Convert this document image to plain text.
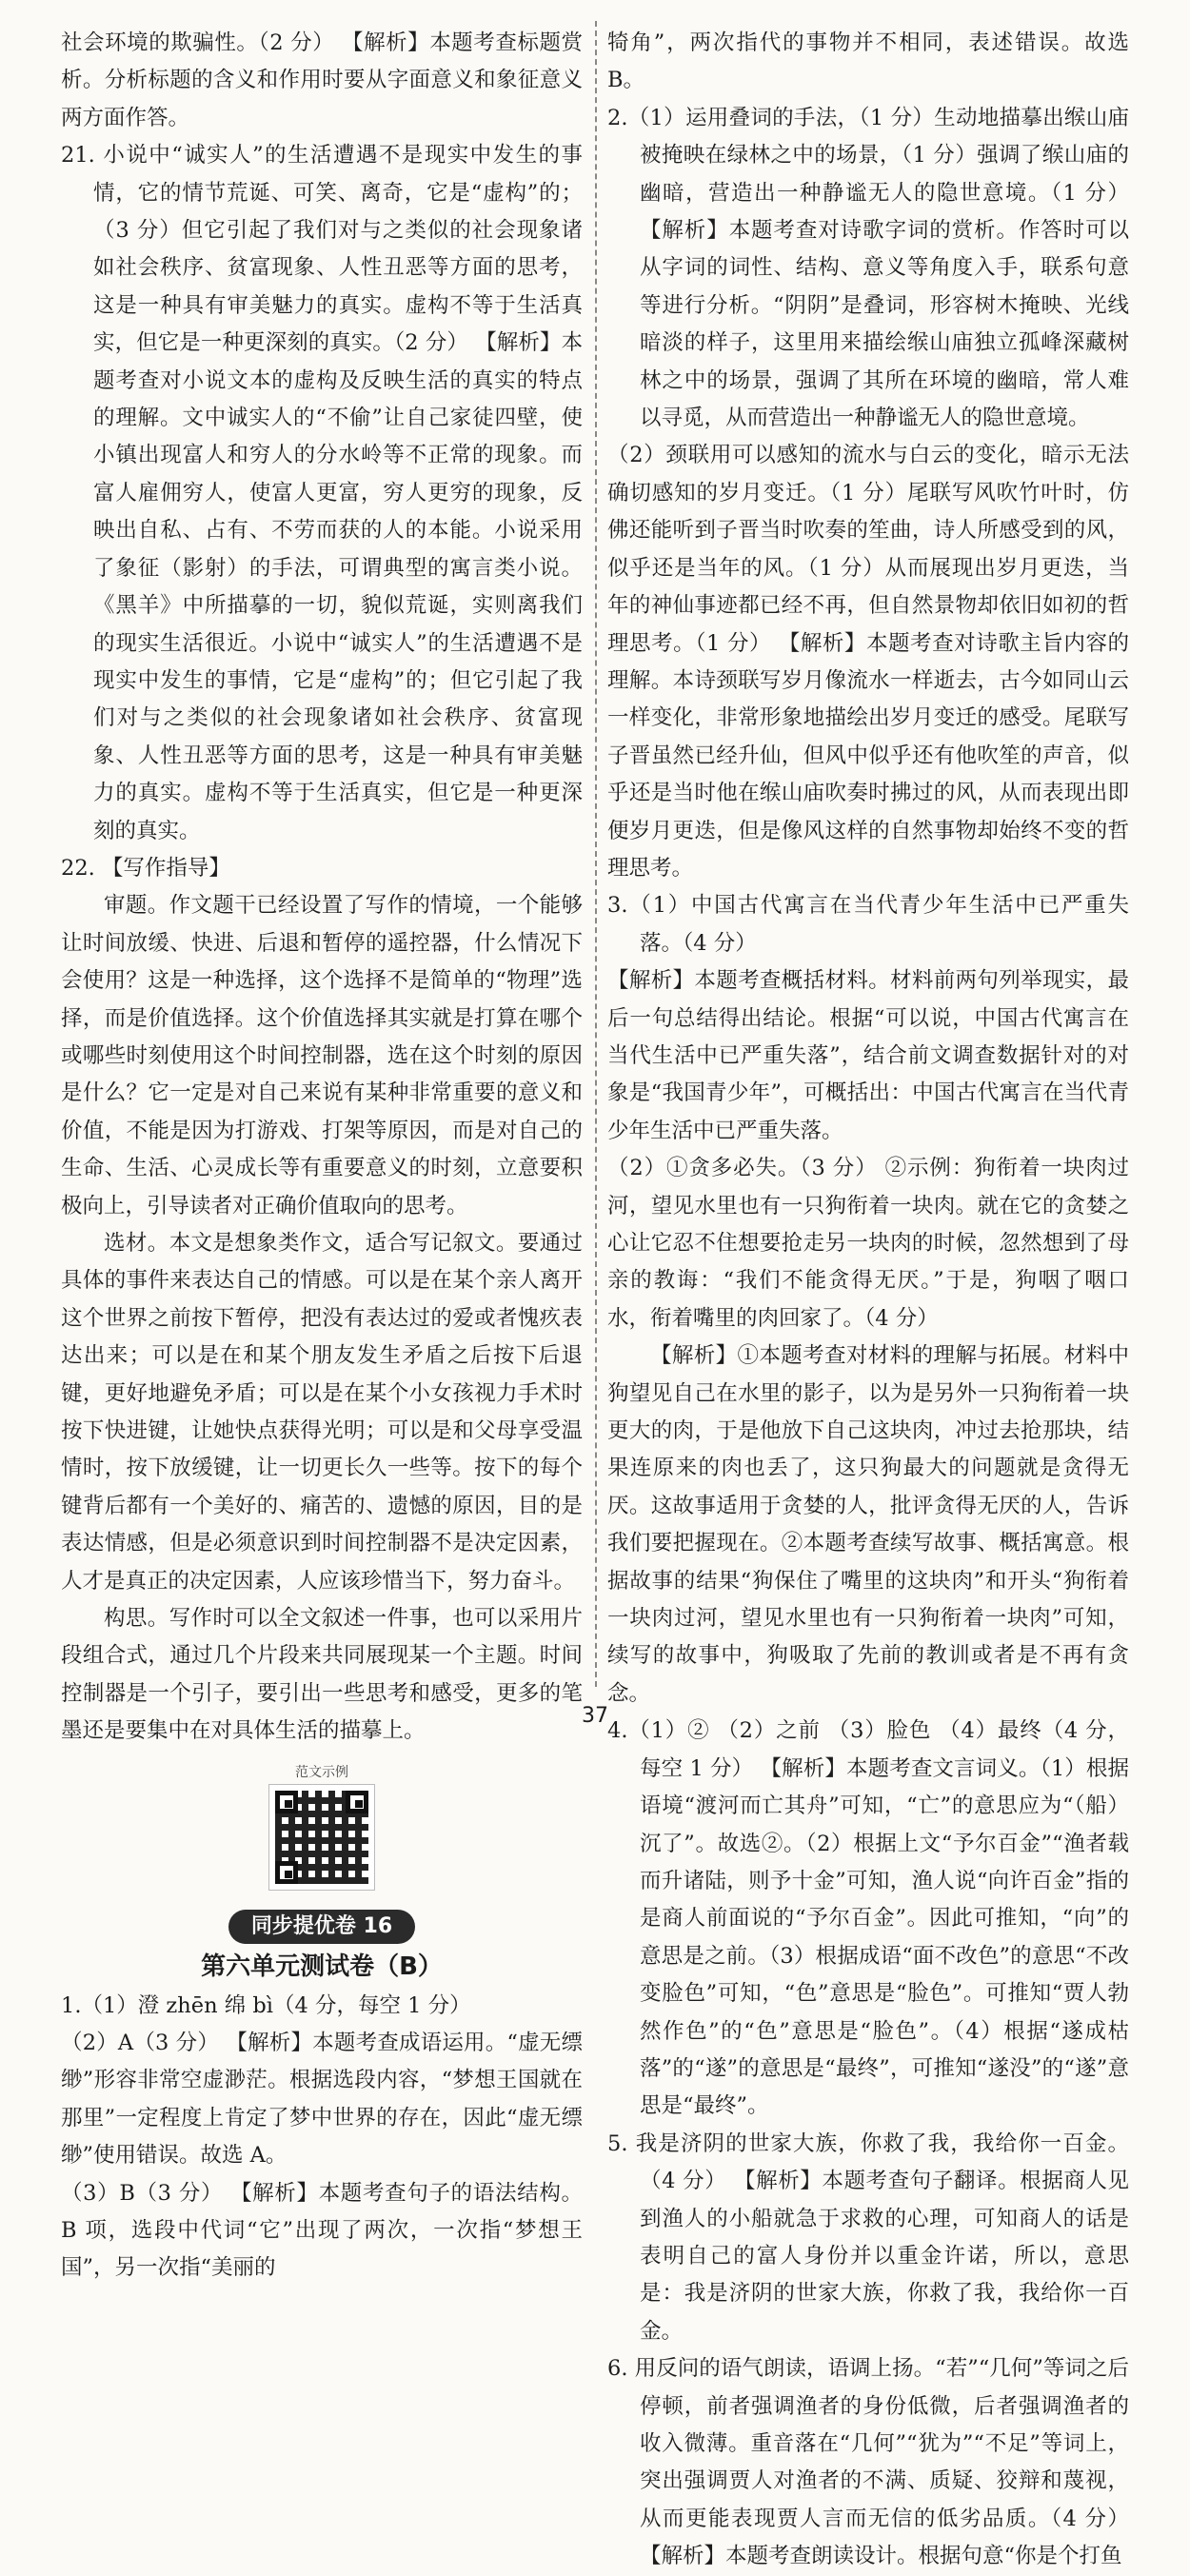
社会环境的欺骗性。（2 分） 【解析】本题考查标题赏析。分析标题的含义和作用时要从字面意义和象征意义两方面作答。

21. 小说中“诚实人”的生活遭遇不是现实中发生的事情，它的情节荒诞、可笑、离奇，它是“虚构”的；（3 分）但它引起了我们对与之类似的社会现象诸如社会秩序、贫富现象、人性丑恶等方面的思考，这是一种具有审美魅力的真实。虚构不等于生活真实，但它是一种更深刻的真实。（2 分） 【解析】本题考查对小说文本的虚构及反映生活的真实的特点的理解。文中诚实人的“不偷”让自己家徒四壁，使小镇出现富人和穷人的分水岭等不正常的现象。而富人雇佣穷人，使富人更富，穷人更穷的现象，反映出自私、占有、不劳而获的人的本能。小说采用了象征（影射）的手法，可谓典型的寓言类小说。《黑羊》中所描摹的一切，貌似荒诞，实则离我们的现实生活很近。小说中“诚实人”的生活遭遇不是现实中发生的事情，它是“虚构”的；但它引起了我们对与之类似的社会现象诸如社会秩序、贫富现象、人性丑恶等方面的思考，这是一种具有审美魅力的真实。虚构不等于生活真实，但它是一种更深刻的真实。

22. 【写作指导】

审题。作文题干已经设置了写作的情境，一个能够让时间放缓、快进、后退和暂停的遥控器，什么情况下会使用？这是一种选择，这个选择不是简单的“物理”选择，而是价值选择。这个价值选择其实就是打算在哪个或哪些时刻使用这个时间控制器，选在这个时刻的原因是什么？它一定是对自己来说有某种非常重要的意义和价值，不能是因为打游戏、打架等原因，而是对自己的生命、生活、心灵成长等有重要意义的时刻，立意要积极向上，引导读者对正确价值取向的思考。

选材。本文是想象类作文，适合写记叙文。要通过具体的事件来表达自己的情感。可以是在某个亲人离开这个世界之前按下暂停，把没有表达过的爱或者愧疚表达出来；可以是在和某个朋友发生矛盾之后按下后退键，更好地避免矛盾；可以是在某个小女孩视力手术时按下快进键，让她快点获得光明；可以是和父母享受温情时，按下放缓键，让一切更长久一些等。按下的每个键背后都有一个美好的、痛苦的、遗憾的原因，目的是表达情感，但是必须意识到时间控制器不是决定因素，人才是真正的决定因素，人应该珍惜当下，努力奋斗。

构思。写作时可以全文叙述一件事，也可以采用片段组合式，通过几个片段来共同展现某一个主题。时间控制器是一个引子，要引出一些思考和感受，更多的笔墨还是要集中在对具体生活的描摹上。

范文示例
同步提优卷 16
第六单元测试卷（B）

1.（1）澄 zhēn 绵 bì（4 分，每空 1 分）

（2）A（3 分） 【解析】本题考查成语运用。“虚无缥缈”形容非常空虚渺茫。根据选段内容，“梦想王国就在那里”一定程度上肯定了梦中世界的存在，因此“虚无缥缈”使用错误。故选 A。

（3）B（3 分） 【解析】本题考查句子的语法结构。B 项，选段中代词“它”出现了两次，一次指“梦想王国”，另一次指“美丽的

犄角”，两次指代的事物并不相同，表述错误。故选 B。

2.（1）运用叠词的手法，（1 分）生动地描摹出缑山庙被掩映在绿林之中的场景，（1 分）强调了缑山庙的幽暗，营造出一种静谧无人的隐世意境。（1 分） 【解析】本题考查对诗歌字词的赏析。作答时可以从字词的词性、结构、意义等角度入手，联系句意等进行分析。“阴阴”是叠词，形容树木掩映、光线暗淡的样子，这里用来描绘缑山庙独立孤峰深藏树林之中的场景，强调了其所在环境的幽暗，常人难以寻觅，从而营造出一种静谧无人的隐世意境。

（2）颈联用可以感知的流水与白云的变化，暗示无法确切感知的岁月变迁。（1 分）尾联写风吹竹叶时，仿佛还能听到子晋当时吹奏的笙曲，诗人所感受到的风，似乎还是当年的风。（1 分）从而展现出岁月更迭，当年的神仙事迹都已经不再，但自然景物却依旧如初的哲理思考。（1 分） 【解析】本题考查对诗歌主旨内容的理解。本诗颈联写岁月像流水一样逝去，古今如同山云一样变化，非常形象地描绘出岁月变迁的感受。尾联写子晋虽然已经升仙，但风中似乎还有他吹笙的声音，似乎还是当时他在缑山庙吹奏时拂过的风，从而表现出即便岁月更迭，但是像风这样的自然事物却始终不变的哲理思考。

3.（1）中国古代寓言在当代青少年生活中已严重失落。（4 分）

【解析】本题考查概括材料。材料前两句列举现实，最后一句总结得出结论。根据“可以说，中国古代寓言在当代生活中已严重失落”，结合前文调查数据针对的对象是“我国青少年”，可概括出：中国古代寓言在当代青少年生活中已严重失落。

（2）①贪多必失。（3 分） ②示例：狗衔着一块肉过河，望见水里也有一只狗衔着一块肉。就在它的贪婪之心让它忍不住想要抢走另一块肉的时候，忽然想到了母亲的教诲：“我们不能贪得无厌。”于是，狗咽了咽口水，衔着嘴里的肉回家了。（4 分）

【解析】①本题考查对材料的理解与拓展。材料中狗望见自己在水里的影子，以为是另外一只狗衔着一块更大的肉，于是他放下自己这块肉，冲过去抢那块，结果连原来的肉也丢了，这只狗最大的问题就是贪得无厌。这故事适用于贪婪的人，批评贪得无厌的人，告诉我们要把握现在。②本题考查续写故事、概括寓意。根据故事的结果“狗保住了嘴里的这块肉”和开头“狗衔着一块肉过河，望见水里也有一只狗衔着一块肉”可知，续写的故事中，狗吸取了先前的教训或者是不再有贪念。

4.（1）② （2）之前 （3）脸色 （4）最终（4 分，每空 1 分） 【解析】本题考查文言词义。（1）根据语境“渡河而亡其舟”可知，“亡”的意思应为“（船）沉了”。故选②。（2）根据上文“予尔百金”“渔者载而升诸陆，则予十金”可知，渔人说“向许百金”指的是商人前面说的“予尔百金”。因此可推知，“向”的意思是之前。（3）根据成语“面不改色”的意思“不改变脸色”可知，“色”意思是“脸色”。可推知“贾人勃然作色”的“色”意思是“脸色”。（4）根据“遂成枯落”的“遂”的意思是“最终”，可推知“遂没”的“遂”意思是“最终”。

5. 我是济阴的世家大族，你救了我，我给你一百金。（4 分） 【解析】本题考查句子翻译。根据商人见到渔人的小船就急于求救的心理，可知商人的话是表明自己的富人身份并以重金许诺，所以，意思是：我是济阴的世家大族，你救了我，我给你一百金。

6. 用反问的语气朗读，语调上扬。“若”“几何”等词之后停顿，前者强调渔者的身份低微，后者强调渔者的收入微薄。重音落在“几何”“犹为”“不足”等词上，突出强调贾人对渔者的不满、质疑、狡辩和蔑视，从而更能表现贾人言而无信的低劣品质。（4 分） 【解析】本题考查朗读设计。根据句意“你是个打鱼

37
